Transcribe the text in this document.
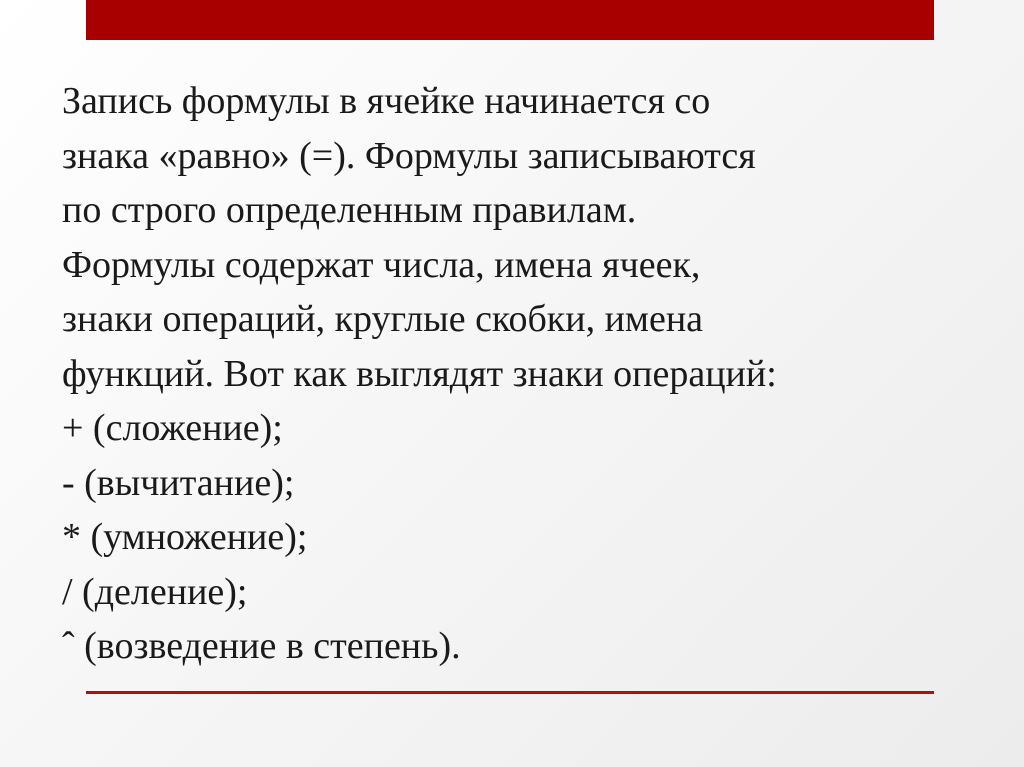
Запись формулы в ячейке начинается со
знака «равно» (=). Формулы записываются
по строго определенным правилам.
Формулы содержат числа, имена ячеек,
знаки операций, круглые скобки, имена
функций. Вот как выглядят знаки операций:
+ (сложение);
- (вычитание);
* (умножение);
/ (деление);
ˆ (возведение в степень).
